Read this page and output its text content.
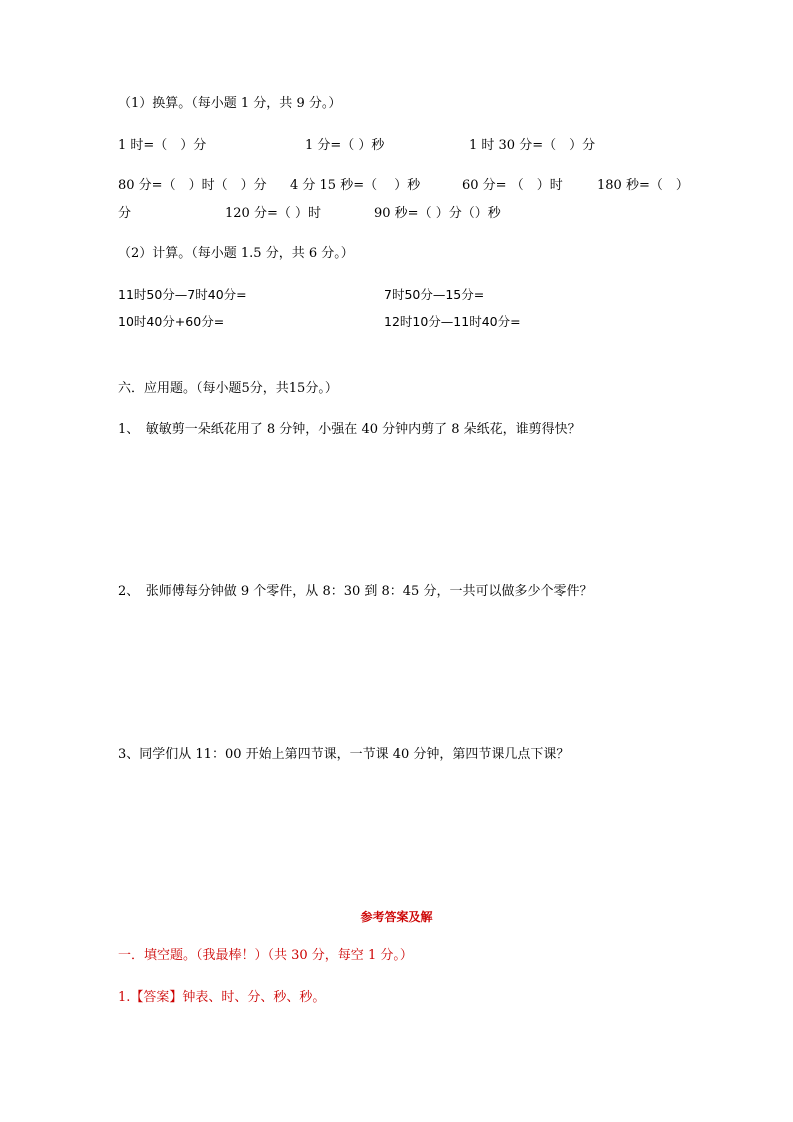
（1）换算。（每小题 1 分，共 9 分。）
1 时=（　）分	1 分=（ ）秒	1 时 30 分=（　）分
80 分=（　）时（　）分 4 分 15 秒=（　 ）秒	60 分= （　）时	180 秒=（　）
分	120 分=（ ）时	90 秒=（ ）分（）秒
（2）计算。（每小题 1.5 分，共 6 分。）
11时50分—7时40分=	7时50分—15分=
10时40分+60分=	12时10分—11时40分=
六．应用题。（每小题5分，共15分。）
1、　敏敏剪一朵纸花用了 8 分钟，小强在 40 分钟内剪了 8 朵纸花，谁剪得快？
2、　张师傅每分钟做 9 个零件，从 8：30 到 8：45 分，一共可以做多少个零件？
3、同学们从 11：00 开始上第四节课，一节课 40 分钟，第四节课几点下课？
参考答案及解
一．填空题。（我最棒！）（共 30 分，每空 1 分。）
1.【答案】钟表、时、分、秒、秒。
